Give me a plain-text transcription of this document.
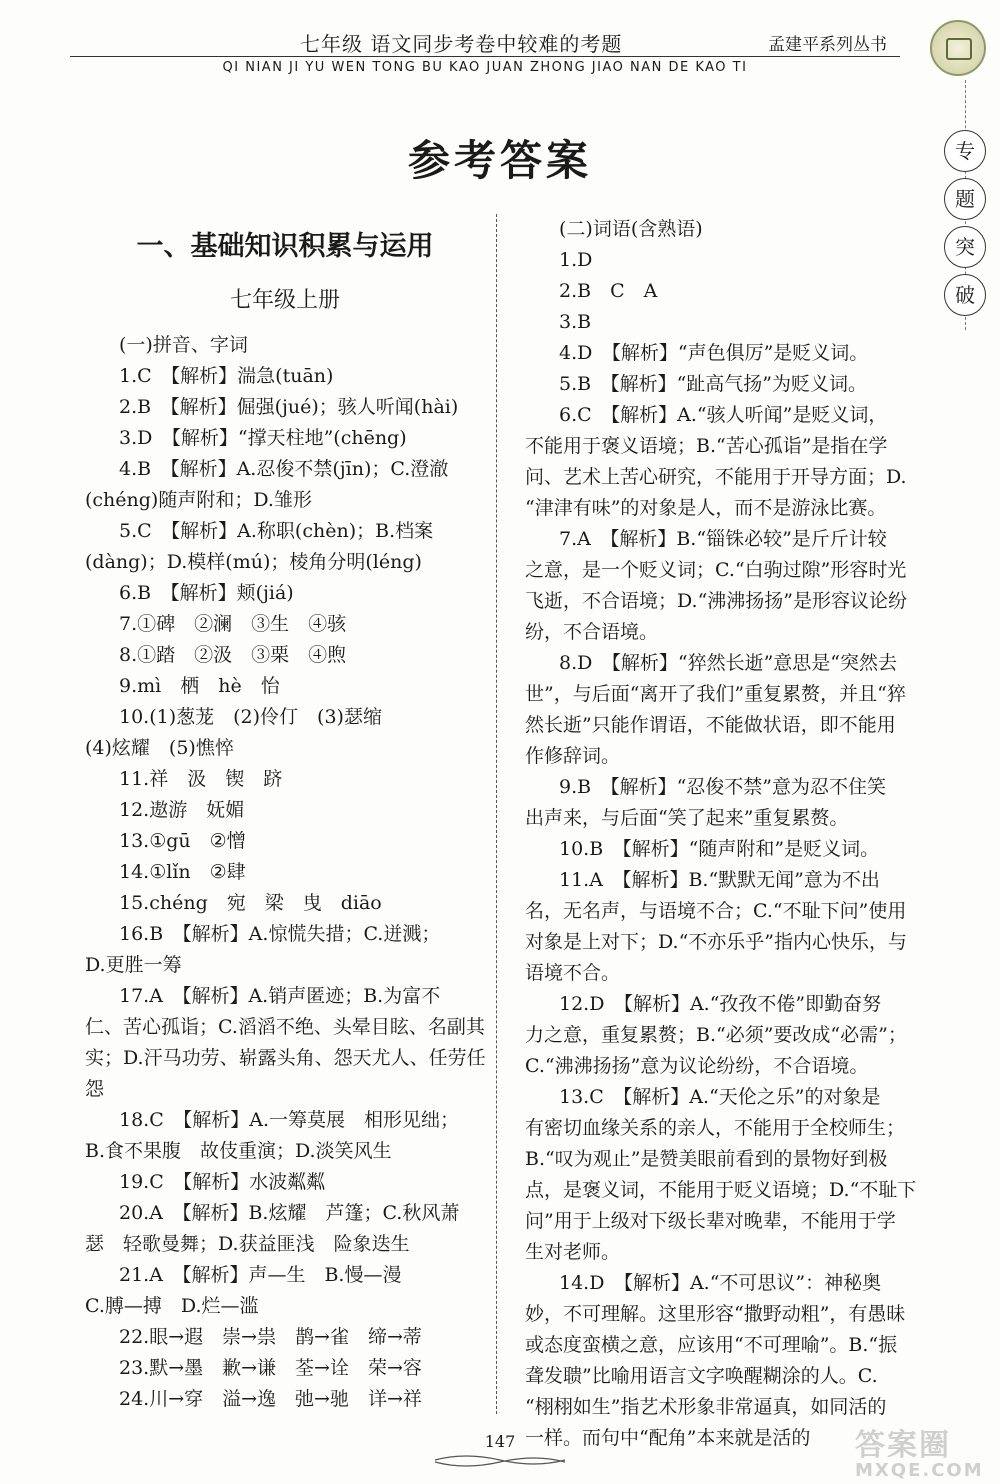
七年级 语文同步考卷中较难的考题	孟建平系列丛书
QI NIAN JI YU WEN TONG BU KAO JUAN ZHONG JIAO NAN DE KAO TI
专
题
突
破
参考答案
一、基础知识积累与运用
七年级上册
(一)拼音、字词
1.C　【解析】湍急(tuān)
2.B　【解析】倔强(jué)；骇人听闻(hài)
3.D　【解析】“撑天柱地”(chēng)
4.B　【解析】A.忍俊不禁(jīn)；C.澄澈
(chéng)随声附和；D.雏形
5.C　【解析】A.称职(chèn)；B.档案
(dàng)；D.模样(mú)；棱角分明(léng)
6.B　【解析】颊(jiá)
7.①碑　②澜　③生　④骇
8.①踏　②汲　③栗　④煦
9.mì　栖　hè　怡
10.(1)葱茏　(2)伶仃　(3)瑟缩
(4)炫耀　(5)憔悴
11.祥　汲　锲　跻
12.遨游　妩媚
13.①gū　②憎
14.①lǐn　②肆
15.chéng　宛　梁　曳　diāo
16.B　【解析】A.惊慌失措；C.迸溅；
D.更胜一筹
17.A　【解析】A.销声匿迹；B.为富不
仁、苦心孤诣；C.滔滔不绝、头晕目眩、名副其
实；D.汗马功劳、崭露头角、怨天尤人、任劳任
怨
18.C　【解析】A.一筹莫展　相形见绌；
B.食不果腹　故伎重演；D.淡笑风生
19.C　【解析】水波粼粼
20.A　【解析】B.炫耀　芦篷；C.秋风萧
瑟　轻歌曼舞；D.获益匪浅　险象迭生
21.A　【解析】声—生　B.慢—漫
C.膊—搏　D.烂—滥
22.眼→遐　崇→祟　鹊→雀　缔→蒂
23.默→墨　歉→谦　荃→诠　荣→容
24.川→穿　溢→逸　弛→驰　详→祥
(二)词语(含熟语)
1.D
2.B　C　A
3.B
4.D　【解析】“声色俱厉”是贬义词。
5.B　【解析】“趾高气扬”为贬义词。
6.C　【解析】A.“骇人听闻”是贬义词，
不能用于褒义语境；B.“苦心孤诣”是指在学
问、艺术上苦心研究，不能用于开导方面；D.
“津津有味”的对象是人，而不是游泳比赛。
7.A　【解析】B.“锱铢必较”是斤斤计较
之意，是一个贬义词；C.“白驹过隙”形容时光
飞逝，不合语境；D.“沸沸扬扬”是形容议论纷
纷，不合语境。
8.D　【解析】“猝然长逝”意思是“突然去
世”，与后面“离开了我们”重复累赘，并且“猝
然长逝”只能作谓语，不能做状语，即不能用
作修辞词。
9.B　【解析】“忍俊不禁”意为忍不住笑
出声来，与后面“笑了起来”重复累赘。
10.B　【解析】“随声附和”是贬义词。
11.A　【解析】B.“默默无闻”意为不出
名，无名声，与语境不合；C.“不耻下问”使用
对象是上对下；D.“不亦乐乎”指内心快乐，与
语境不合。
12.D　【解析】A.“孜孜不倦”即勤奋努
力之意，重复累赘；B.“必须”要改成“必需”；
C.“沸沸扬扬”意为议论纷纷，不合语境。
13.C　【解析】A.“天伦之乐”的对象是
有密切血缘关系的亲人，不能用于全校师生；
B.“叹为观止”是赞美眼前看到的景物好到极
点，是褒义词，不能用于贬义语境；D.“不耻下
问”用于上级对下级长辈对晚辈，不能用于学
生对老师。
14.D　【解析】A.“不可思议”：神秘奥
妙，不可理解。这里形容“撒野动粗”，有愚昧
或态度蛮横之意，应该用“不可理喻”。B.“振
聋发聩”比喻用语言文字唤醒糊涂的人。C.
“栩栩如生”指艺术形象非常逼真，如同活的
一样。而句中“配角”本来就是活的
147	答案圈
MXQE.COM
